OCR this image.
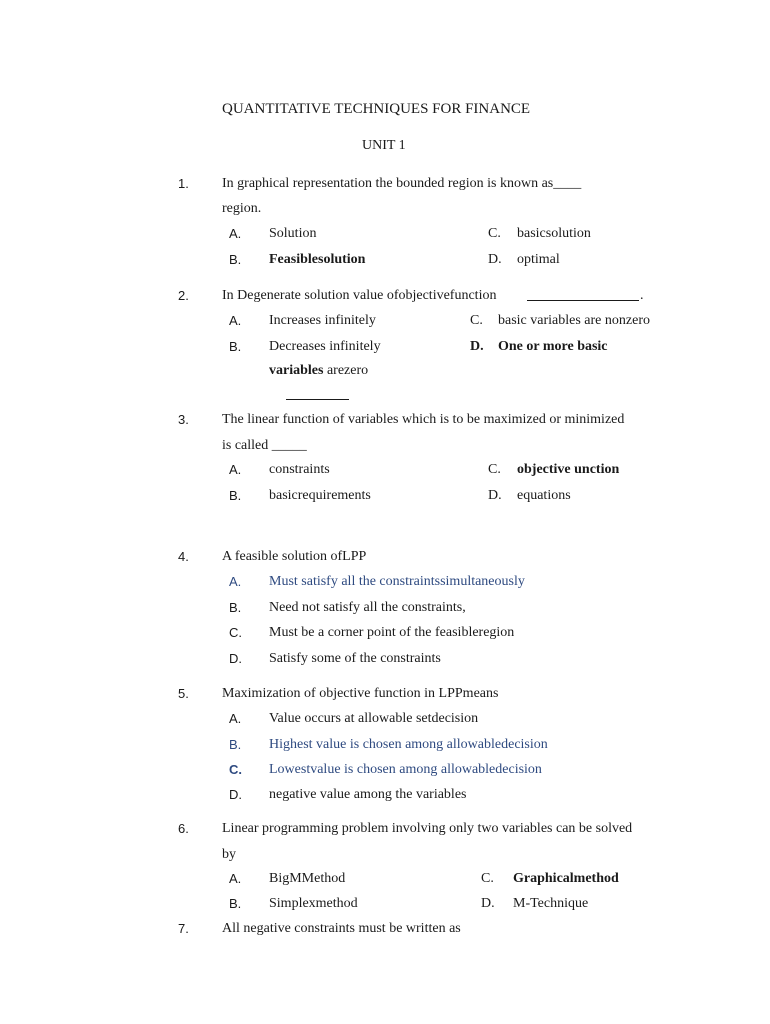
QUANTITATIVE TECHNIQUES FOR FINANCE
UNIT 1
1. In graphical representation the bounded region is known as____
region.
A. Solution
B. Feasiblesolution
C. basicsolution
D. optimal
2. In Degenerate solution value ofobjectivefunction	.
A. Increases infinitely
B. Decreases infinitely
C. basic variables are nonzero
D. One or more basic
variables arezero
3. The linear function of variables which is to be maximized or minimized
is called _____
A. constraints
B. basicrequirements
C. objective unction
D. equations
4. A feasible solution ofLPP
A. Must satisfy all the constraintssimultaneously
B. Need not satisfy all the constraints,
C. Must be a corner point of the feasibleregion
D. Satisfy some of the constraints
5. Maximization of objective function in LPPmeans
A. Value occurs at allowable setdecision
B. Highest value is chosen among allowabledecision
C. Lowestvalue is chosen among allowabledecision
D. negative value among the variables
6. Linear programming problem involving only two variables can be solved
by
A. BigMMethod
B. Simplexmethod
C. Graphicalmethod
D. M-Technique
7. All negative constraints must be written as
